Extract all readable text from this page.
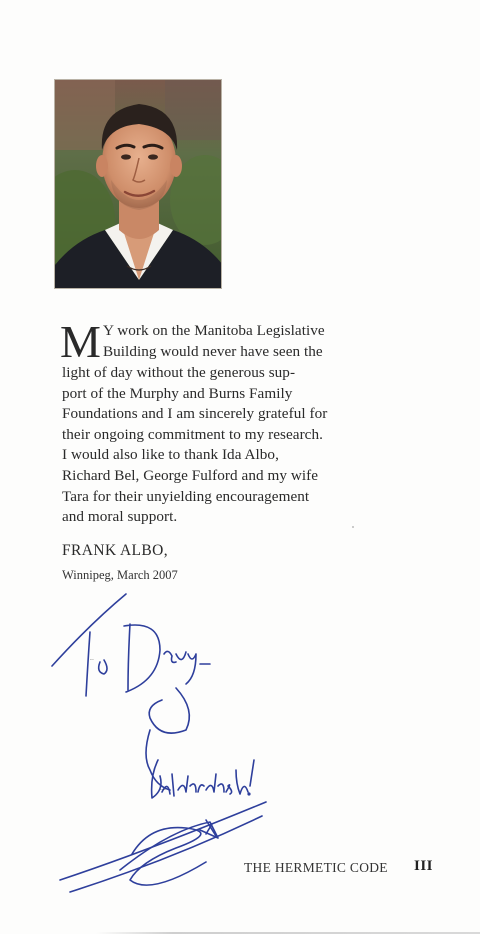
M Y work on the Manitoba Legislative
Building would never have seen the
light of day without the generous sup-
port of the Murphy and Burns Family
Foundations and I am sincerely grateful for
their ongoing commitment to my research.
I would also like to thank Ida Albo,
Richard Bel, George Fulford and my wife
Tara for their unyielding encouragement
and moral support.
FRANK ALBO,
Winnipeg, March 2007
THE HERMETIC CODE III
